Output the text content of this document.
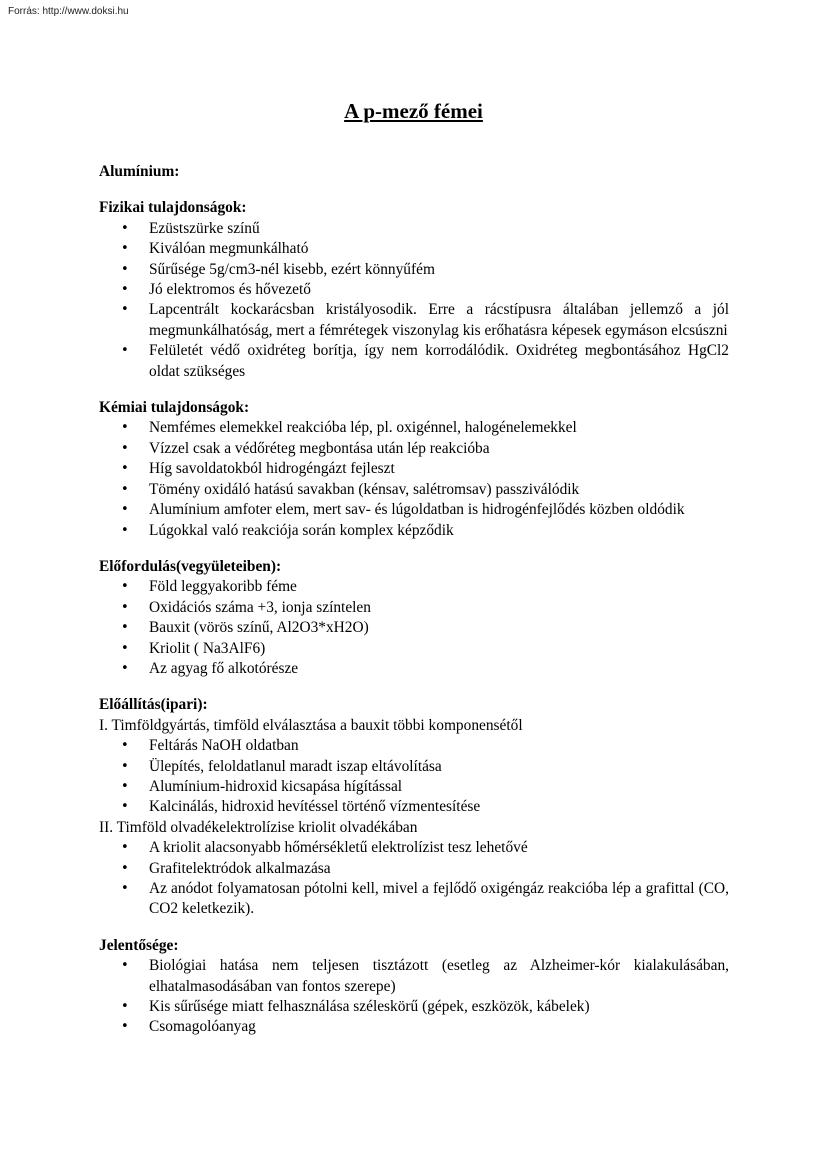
Forrás: http://www.doksi.hu
A p-mező fémei

Alumínium:

Fizikai tulajdonságok:

• Ezüstszürke színű
• Kiválóan megmunkálható
• Sűrűsége 5g/cm3-nél kisebb, ezért könnyűfém
• Jó elektromos és hővezető
• Lapcentrált kockarácsban kristályosodik. Erre a rácstípusra általában jellemző a jól megmunkálhatóság, mert a fémrétegek viszonylag kis erőhatásra képesek egymáson elcsúszni
• Felületét védő oxidréteg borítja, így nem korrodálódik. Oxidréteg megbontásához HgCl2 oldat szükséges

Kémiai tulajdonságok:

• Nemfémes elemekkel reakcióba lép, pl. oxigénnel, halogénelemekkel
• Vízzel csak a védőréteg megbontása után lép reakcióba
• Híg savoldatokból hidrogéngázt fejleszt
• Tömény oxidáló hatású savakban (kénsav, salétromsav) passziválódik
• Alumínium amfoter elem, mert sav- és lúgoldatban is hidrogénfejlődés közben oldódik
• Lúgokkal való reakciója során komplex képződik

Előfordulás(vegyületeiben):

• Föld leggyakoribb féme
• Oxidációs száma +3, ionja színtelen
• Bauxit (vörös színű, Al2O3*xH2O)
• Kriolit ( Na3AlF6)
• Az agyag fő alkotórésze

Előállítás(ipari):

I. Timföldgyártás, timföld elválasztása a bauxit többi komponensétől

• Feltárás NaOH oldatban
• Ülepítés, feloldatlanul maradt iszap eltávolítása
• Alumínium-hidroxid kicsapása hígítással
• Kalcinálás, hidroxid hevítéssel történő vízmentesítése

II. Timföld olvadékelektrolízise kriolit olvadékában

• A kriolit alacsonyabb hőmérsékletű elektrolízist tesz lehetővé
• Grafitelektródok alkalmazása
• Az anódot folyamatosan pótolni kell, mivel a fejlődő oxigéngáz reakcióba lép a grafittal (CO, CO2 keletkezik).

Jelentősége:

• Biológiai hatása nem teljesen tisztázott (esetleg az Alzheimer-kór kialakulásában, elhatalmasodásában van fontos szerepe)
• Kis sűrűsége miatt felhasználása széleskörű (gépek, eszközök, kábelek)
• Csomagolóanyag
